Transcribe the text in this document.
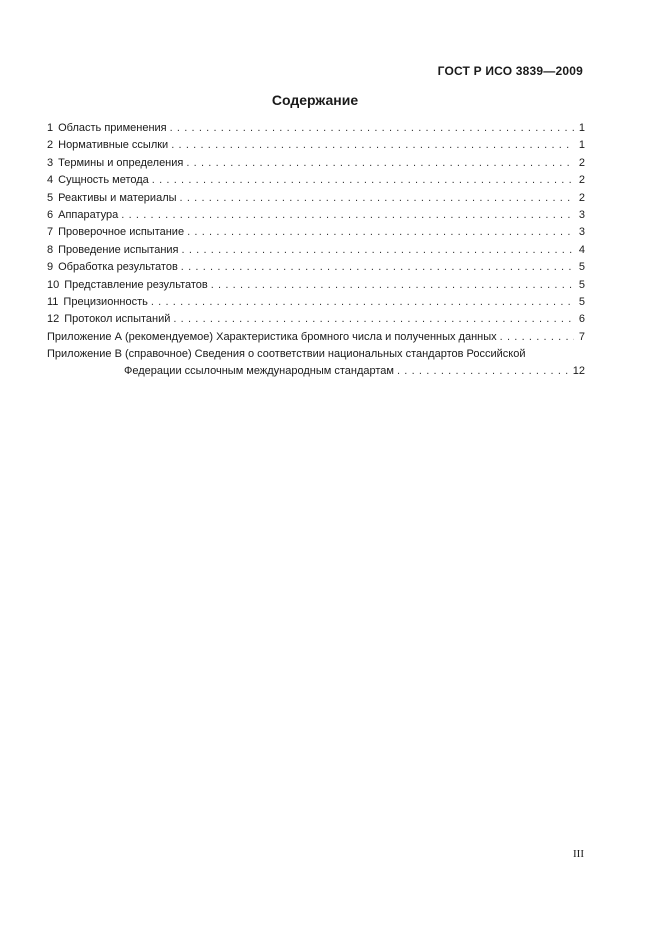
ГОСТ Р ИСО 3839—2009
Содержание
1 Область применения . . .	1
2 Нормативные ссылки . . .	1
3 Термины и определения . . .	2
4 Сущность метода . . .	2
5 Реактивы и материалы . . .	2
6 Аппаратура . . .	3
7 Проверочное испытание . . .	3
8 Проведение испытания . . .	4
9 Обработка результатов . . .	5
10 Представление результатов . . .	5
11 Прецизионность . . .	5
12 Протокол испытаний . . .	6
Приложение А (рекомендуемое) Характеристика бромного числа и полученных данных . . .	7
Приложение В (справочное) Сведения о соответствии национальных стандартов Российской
Федерации ссылочным международным стандартам . . .	12
III
